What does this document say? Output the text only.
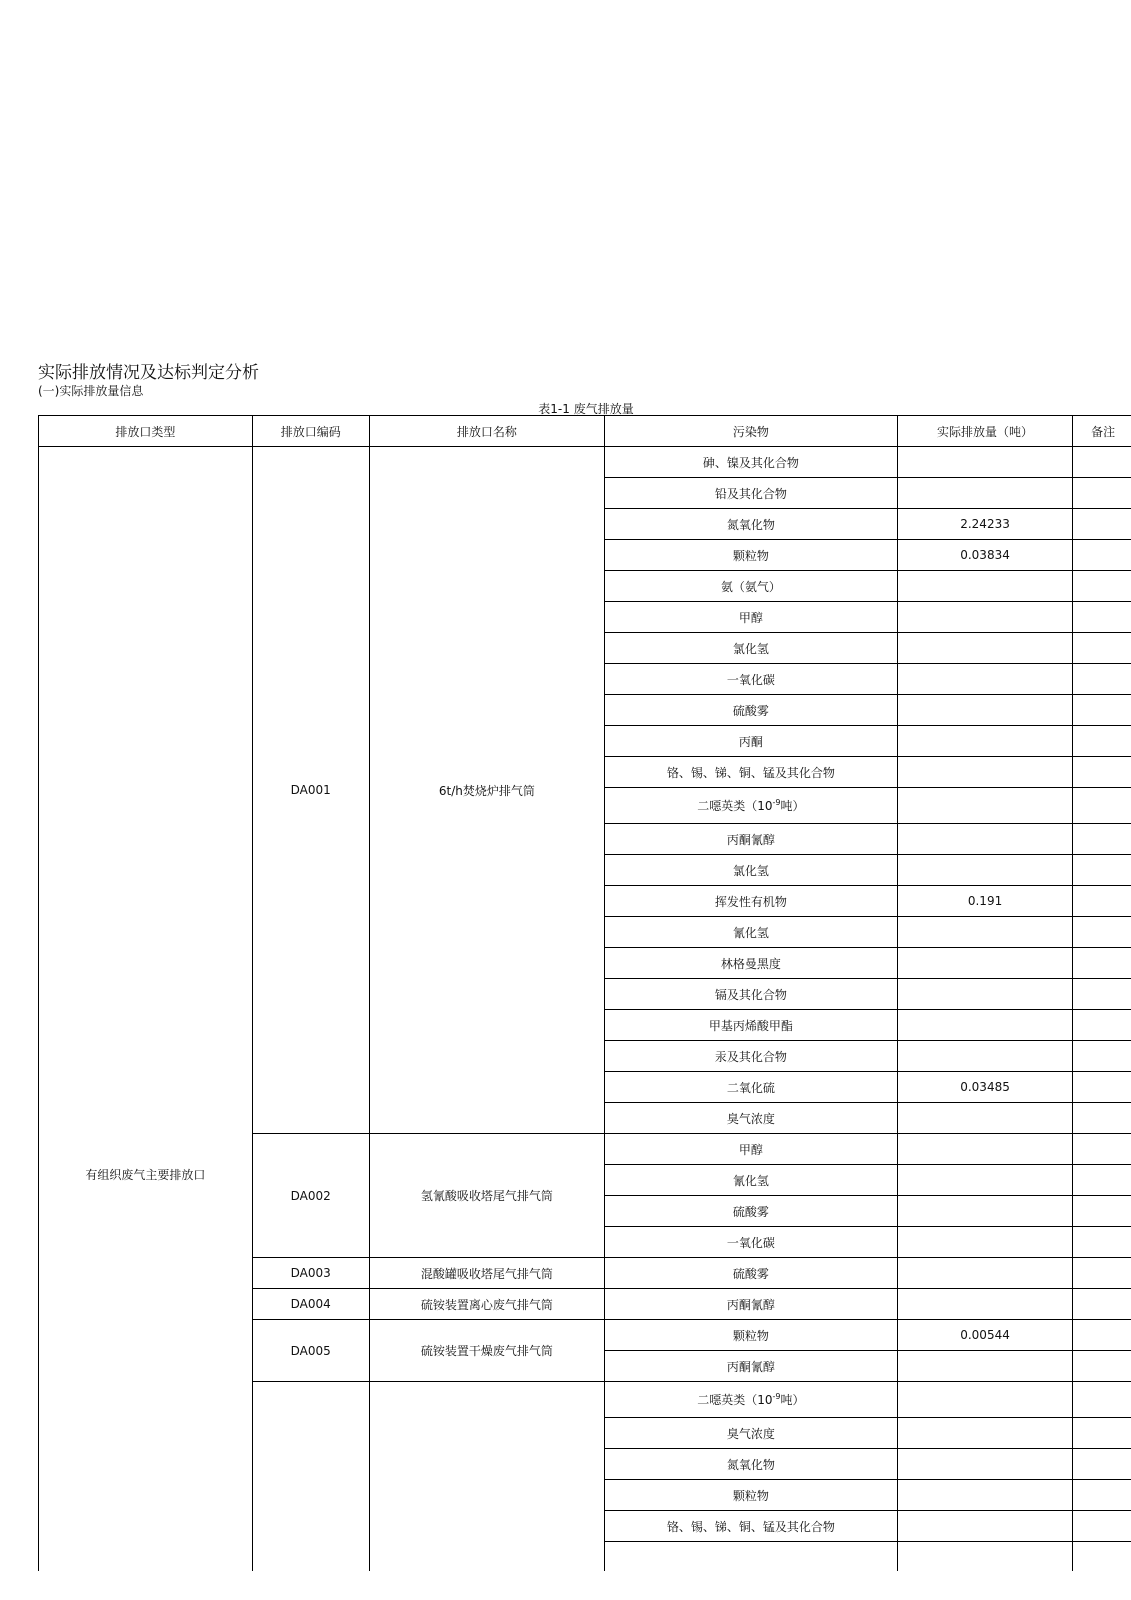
实际排放情况及达标判定分析
(一)实际排放量信息
表1-1 废气排放量
排放口类型	排放口编码	排放口名称	污染物	实际排放量（吨）	备注
有组织废气主要排放口	DA001	6t/h焚烧炉排气筒	砷、镍及其化合物		
			铅及其化合物		
			氮氧化物	2.24233	
			颗粒物	0.03834	
			氨（氨气）		
			甲醇		
			氯化氢		
			一氧化碳		
			硫酸雾		
			丙酮		
			铬、锡、锑、铜、锰及其化合物		
			二噁英类（$10^{-9}$吨）		
			丙酮氰醇		
			氯化氢		
			挥发性有机物	0.191	
			氰化氢		
			林格曼黑度		
			镉及其化合物		
			甲基丙烯酸甲酯		
			汞及其化合物		
			二氧化硫	0.03485	
			臭气浓度		
	DA002	氢氰酸吸收塔尾气排气筒	甲醇		
			氰化氢		
			硫酸雾		
			一氧化碳		
	DA003	混酸罐吸收塔尾气排气筒	硫酸雾		
	DA004	硫铵装置离心废气排气筒	丙酮氰醇		
	DA005	硫铵装置干燥废气排气筒	颗粒物	0.00544	
			丙酮氰醇		
			二噁英类（$10^{-9}$吨）		
			臭气浓度		
			氮氧化物		
			颗粒物		
			铬、锡、锑、铜、锰及其化合物		
